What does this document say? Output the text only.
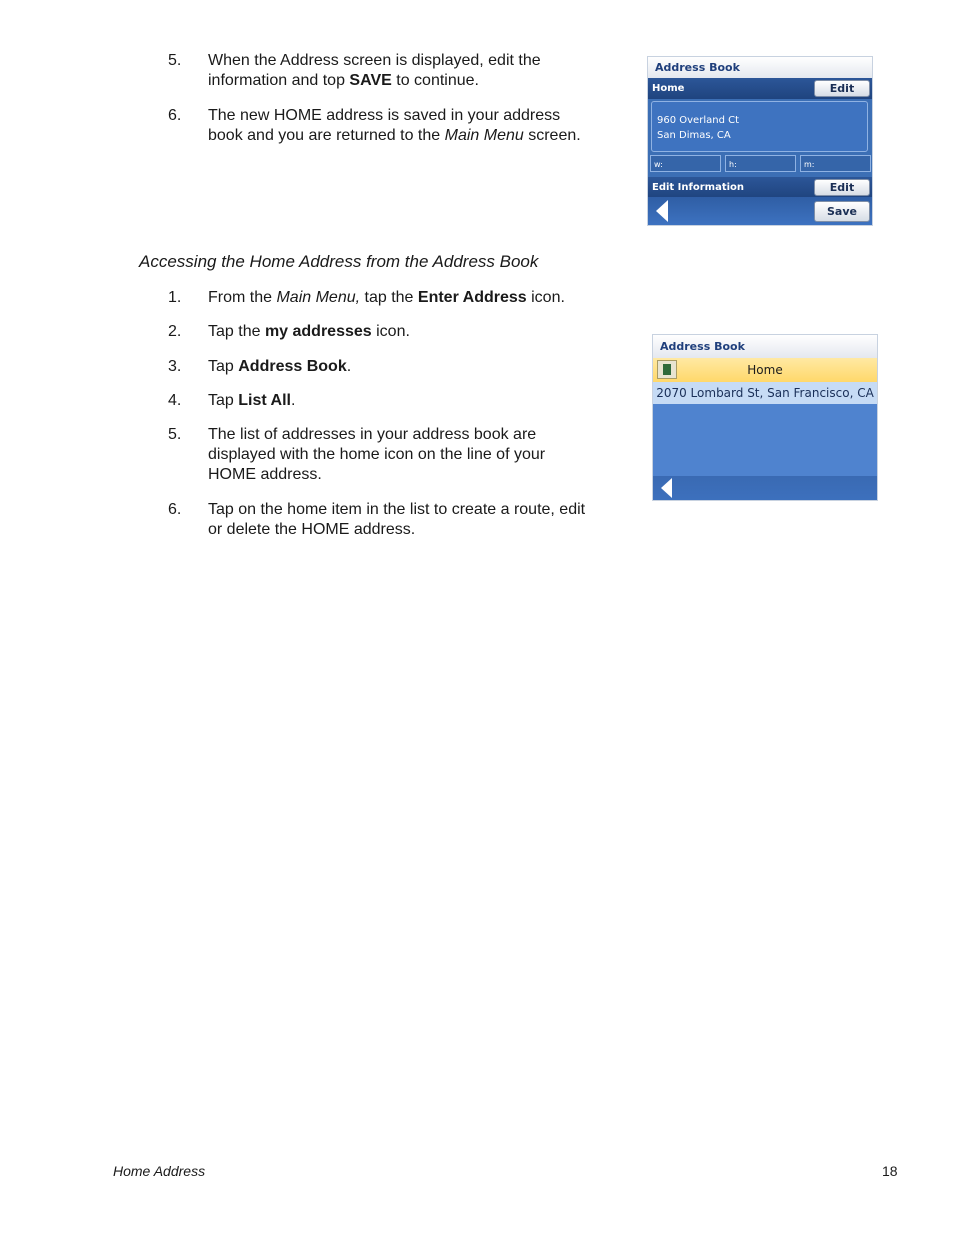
5. When the Address screen is displayed, edit the information and top SAVE to continue.
6. The new HOME address is saved in your address book and you are returned to the Main Menu screen.
Accessing the Home Address from the Address Book
1. From the Main Menu, tap the Enter Address icon.
2. Tap the my addresses icon.
3. Tap Address Book.
4. Tap List All.
5. The list of addresses in your address book are displayed with the home icon on the line of your HOME address.
6. Tap on the home item in the list to create a route, edit or delete the HOME address.
Address Book
Home	Edit
960 Overland Ct
San Dimas, CA
w:	h:	m:
Edit Information	Edit
Save
Address Book
Home
2070 Lombard St, San Francisco, CA
Home Address	18
